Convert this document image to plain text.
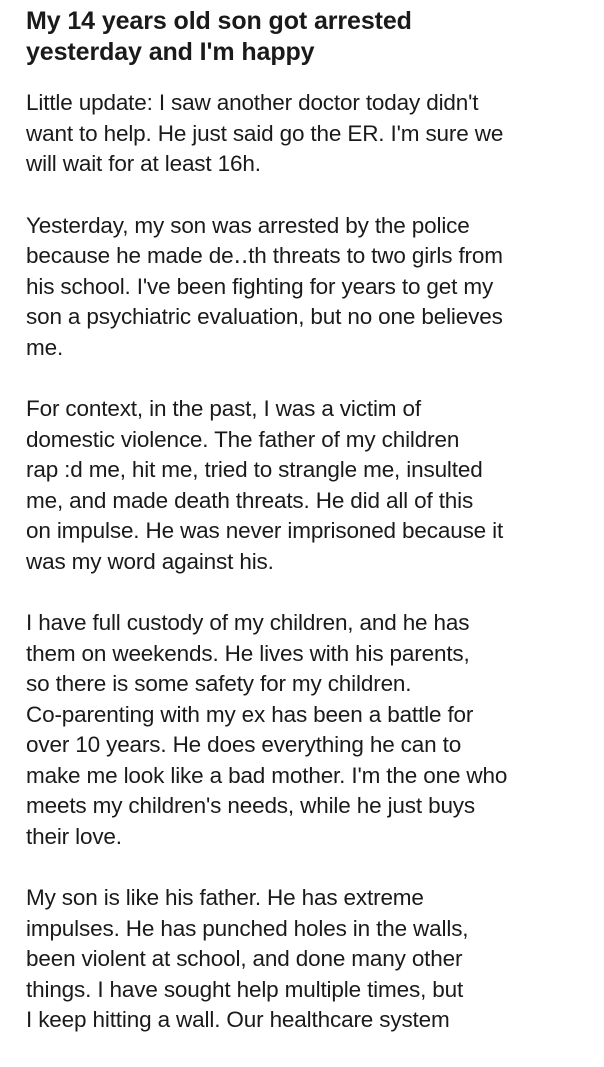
My 14 years old son got arrested
yesterday and I'm happy

Little update: I saw another doctor today didn't
want to help. He just said go the ER. I'm sure we
will wait for at least 16h.

Yesterday, my son was arrested by the police
because he made de․․th threats to two girls from
his school. I've been fighting for years to get my
son a psychiatric evaluation, but no one believes
me.

For context, in the past, I was a victim of
domestic violence. The father of my children
rap :d me, hit me, tried to strangle me, insulted
me, and made death threats. He did all of this
on impulse. He was never imprisoned because it
was my word against his.

I have full custody of my children, and he has
them on weekends. He lives with his parents,
so there is some safety for my children.
Co-parenting with my ex has been a battle for
over 10 years. He does everything he can to
make me look like a bad mother. I'm the one who
meets my children's needs, while he just buys
their love.

My son is like his father. He has extreme
impulses. He has punched holes in the walls,
been violent at school, and done many other
things. I have sought help multiple times, but
I keep hitting a wall. Our healthcare system
